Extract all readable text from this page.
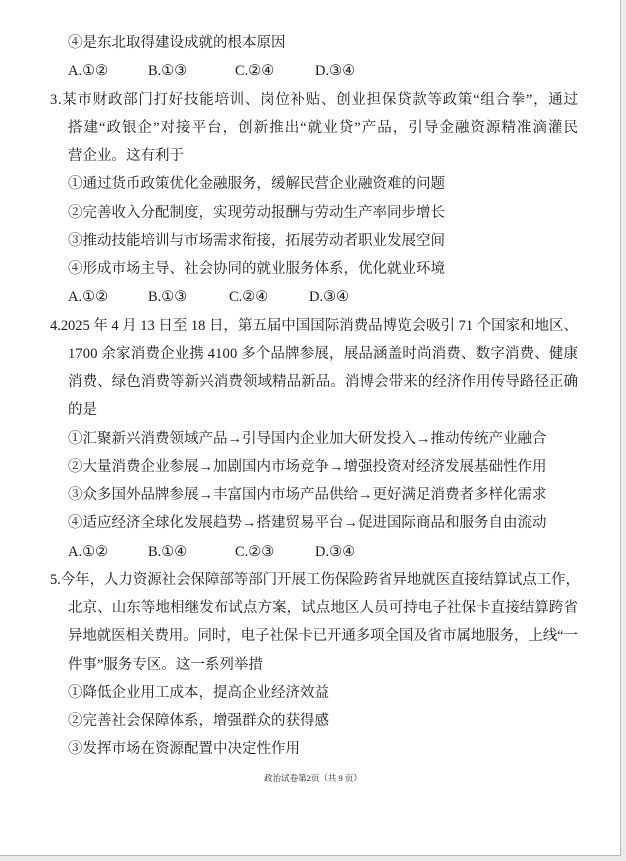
④是东北取得建设成就的根本原因
A.①②	B.①③	C.②④	D.③④
3.某市财政部门打好技能培训、岗位补贴、创业担保贷款等政策“组合拳”，通过
搭建“政银企”对接平台，创新推出“就业贷”产品，引导金融资源精准滴灌民
营企业。这有利于
①通过货币政策优化金融服务，缓解民营企业融资难的问题
②完善收入分配制度，实现劳动报酬与劳动生产率同步增长
③推动技能培训与市场需求衔接，拓展劳动者职业发展空间
④形成市场主导、社会协同的就业服务体系，优化就业环境
A.①②	B.①③	C.②④	D.③④
4.2025 年 4 月 13 日至 18 日，第五届中国国际消费品博览会吸引 71 个国家和地区、
1700 余家消费企业携 4100 多个品牌参展，展品涵盖时尚消费、数字消费、健康
消费、绿色消费等新兴消费领域精品新品。消博会带来的经济作用传导路径正确
的是
①汇聚新兴消费领域产品→引导国内企业加大研发投入→推动传统产业融合
②大量消费企业参展→加剧国内市场竞争→增强投资对经济发展基础性作用
③众多国外品牌参展→丰富国内市场产品供给→更好满足消费者多样化需求
④适应经济全球化发展趋势→搭建贸易平台→促进国际商品和服务自由流动
A.①②	B.①④	C.②③	D.③④
5.今年，人力资源社会保障部等部门开展工伤保险跨省异地就医直接结算试点工作，
北京、山东等地相继发布试点方案，试点地区人员可持电子社保卡直接结算跨省
异地就医相关费用。同时，电子社保卡已开通多项全国及省市属地服务，上线“一
件事”服务专区。这一系列举措
①降低企业用工成本，提高企业经济效益
②完善社会保障体系，增强群众的获得感
③发挥市场在资源配置中决定性作用
政治试卷第2页（共 9 页）
